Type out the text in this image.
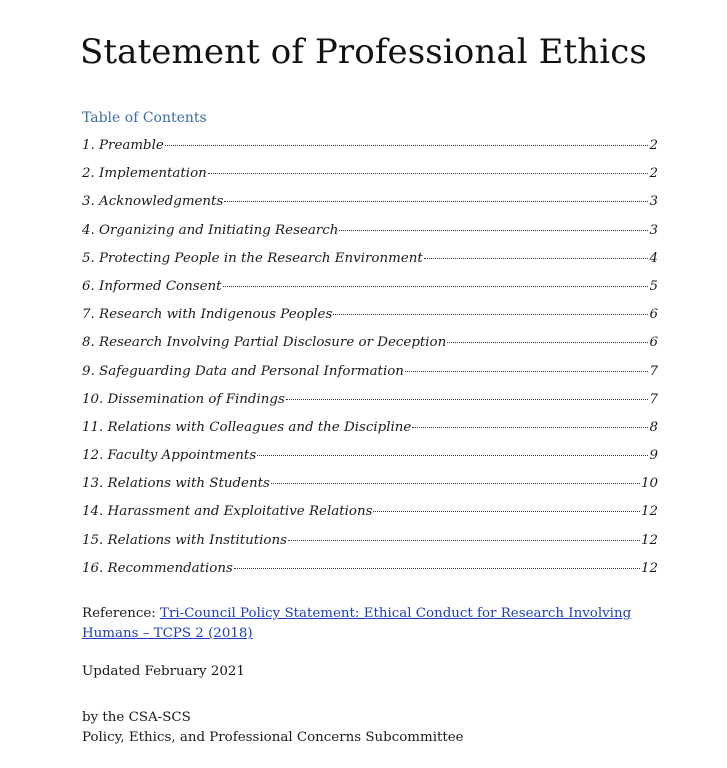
Statement of Professional Ethics
Table of Contents
1. Preamble	2
2. Implementation	2
3. Acknowledgments	3
4. Organizing and Initiating Research	3
5. Protecting People in the Research Environment	4
6. Informed Consent	5
7. Research with Indigenous Peoples	6
8. Research Involving Partial Disclosure or Deception	6
9. Safeguarding Data and Personal Information	7
10. Dissemination of Findings	7
11. Relations with Colleagues and the Discipline	8
12. Faculty Appointments	9
13. Relations with Students	10
14. Harassment and Exploitative Relations	12
15. Relations with Institutions	12
16. Recommendations	12
Reference: Tri-Council Policy Statement: Ethical Conduct for Research Involving Humans – TCPS 2 (2018)
Updated February 2021
by the CSA-SCS
Policy, Ethics, and Professional Concerns Subcommittee
